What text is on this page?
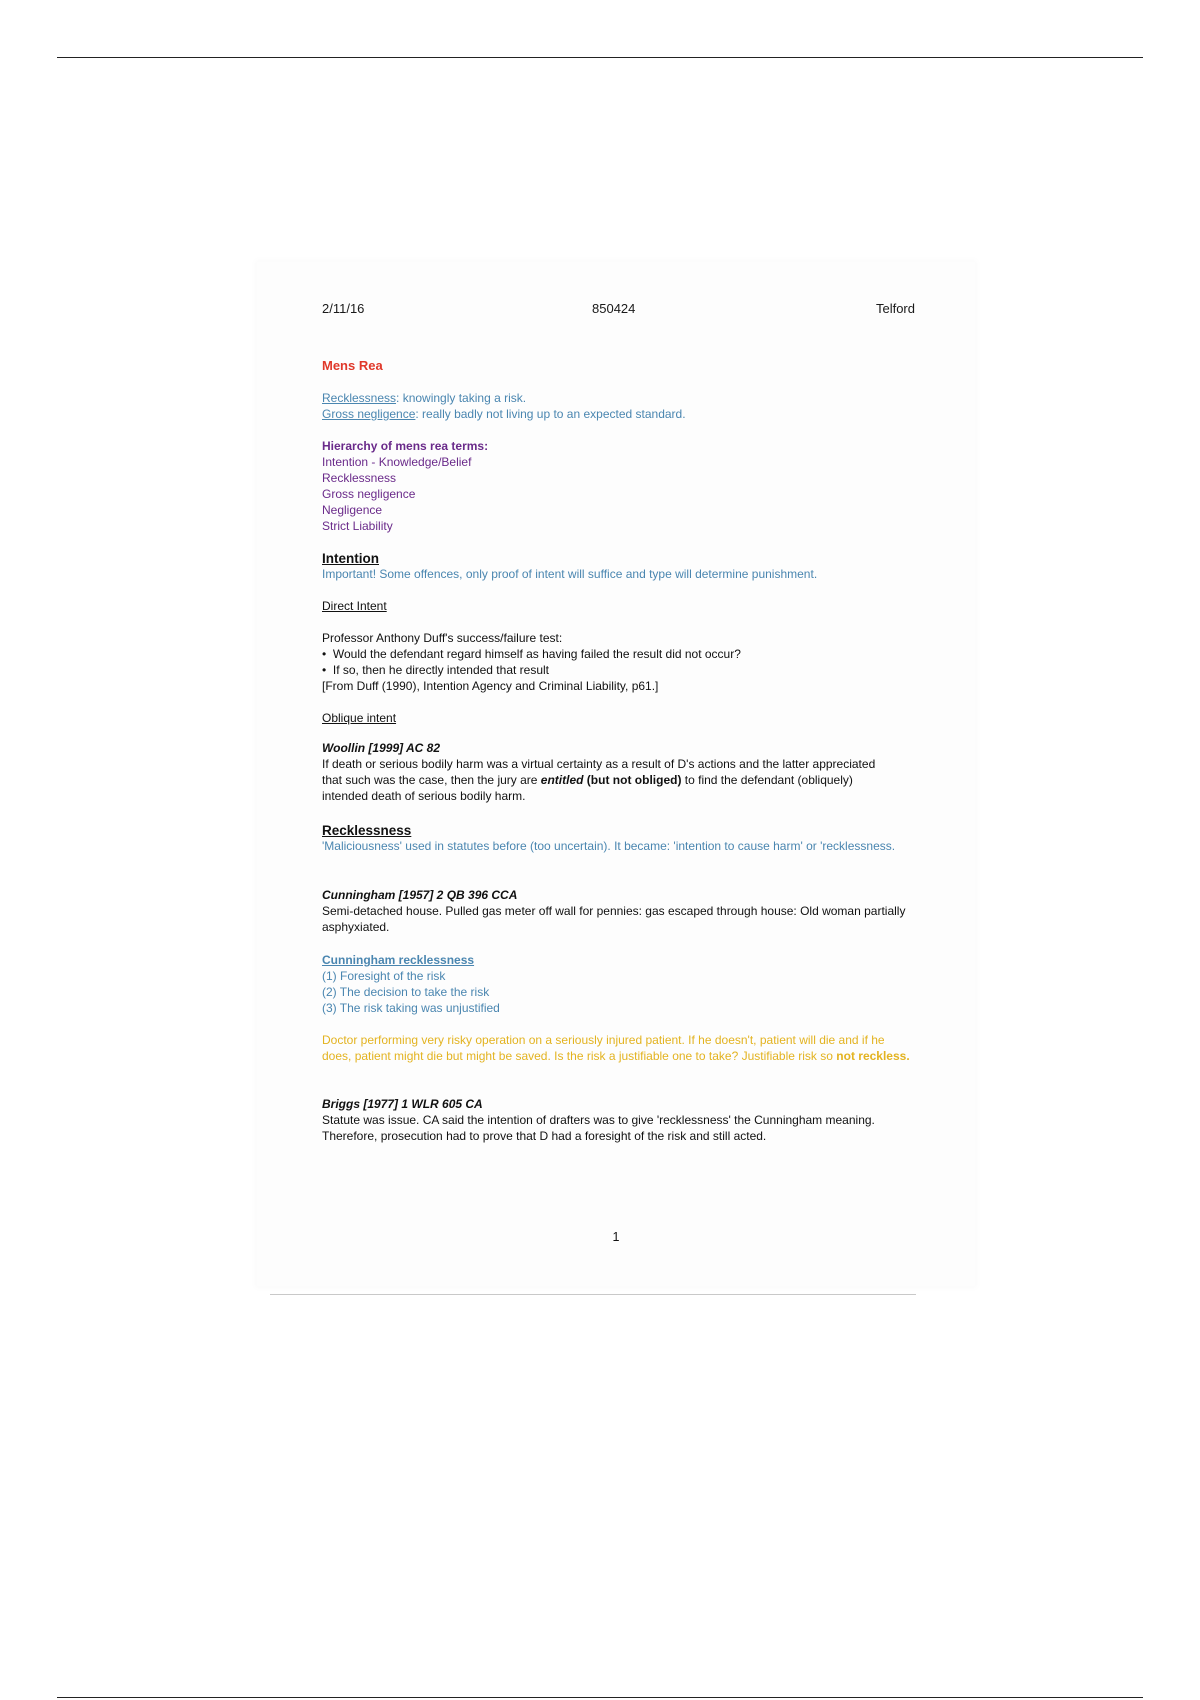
2/11/16	850424	Telford
Mens Rea
Recklessness: knowingly taking a risk.
Gross negligence: really badly not living up to an expected standard.
Hierarchy of mens rea terms:
Intention - Knowledge/Belief
Recklessness
Gross negligence
Negligence
Strict Liability
Intention
Important! Some offences, only proof of intent will suffice and type will determine punishment.
Direct Intent
Professor Anthony Duff's success/failure test:
•  Would the defendant regard himself as having failed the result did not occur?
•  If so, then he directly intended that result
[From Duff (1990), Intention Agency and Criminal Liability, p61.]
Oblique intent
Woollin [1999] AC 82
If death or serious bodily harm was a virtual certainty as a result of D's actions and the latter appreciated that such was the case, then the jury are entitled (but not obliged) to find the defendant (obliquely) intended death of serious bodily harm.
Recklessness
'Maliciousness' used in statutes before (too uncertain). It became: 'intention to cause harm' or 'recklessness.
Cunningham [1957] 2 QB 396 CCA
Semi-detached house. Pulled gas meter off wall for pennies: gas escaped through house: Old woman partially asphyxiated.
Cunningham recklessness
(1) Foresight of the risk
(2) The decision to take the risk
(3) The risk taking was unjustified
Doctor performing very risky operation on a seriously injured patient. If he doesn't, patient will die and if he does, patient might die but might be saved. Is the risk a justifiable one to take? Justifiable risk so not reckless.
Briggs [1977] 1 WLR 605 CA
Statute was issue. CA said the intention of drafters was to give 'recklessness' the Cunningham meaning. Therefore, prosecution had to prove that D had a foresight of the risk and still acted.
1
